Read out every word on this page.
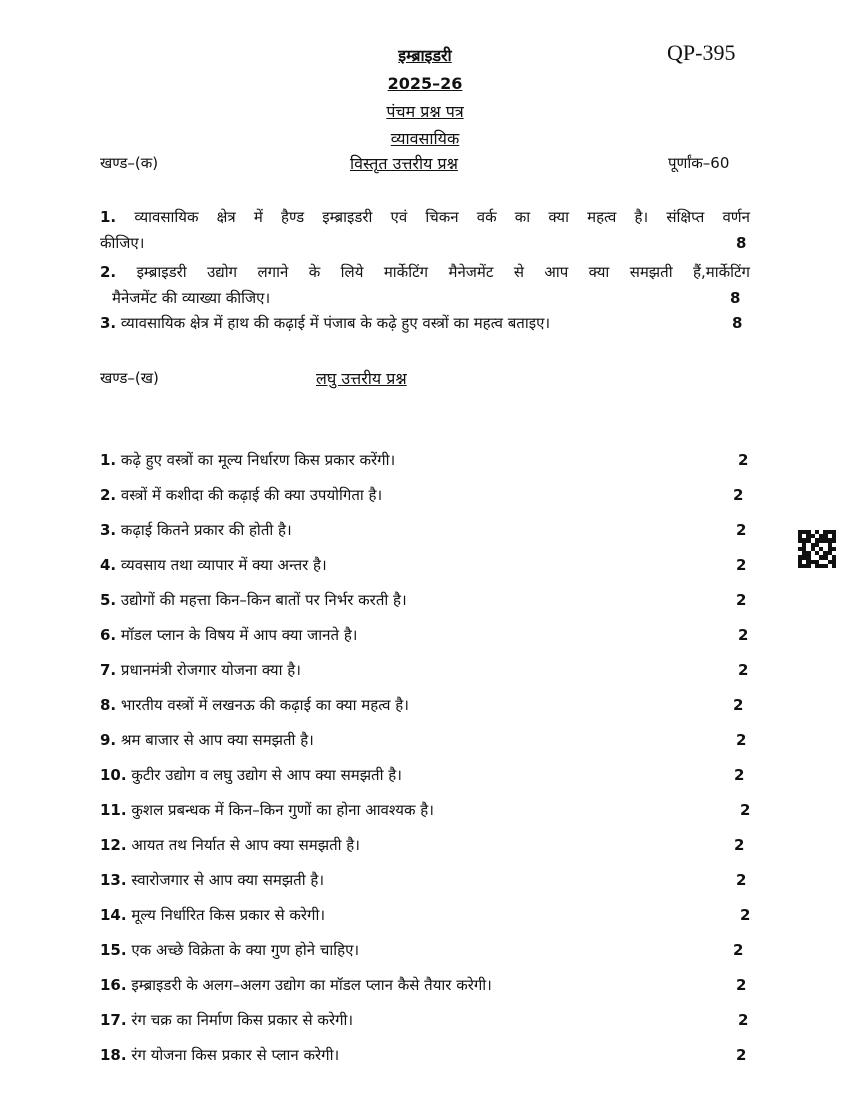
इम्ब्राइडरी	QP-395
2025–26
पंचम प्रश्न पत्र
व्यावसायिक
खण्ड–(क)	विस्तृत उत्तरीय प्रश्न	पूर्णांक–60
1. व्यावसायिक क्षेत्र में हैण्ड इम्ब्राइडरी एवं चिकन वर्क का क्या महत्व है। संक्षिप्त वर्णन
कीजिए।	8
2. इम्ब्राइडरी उद्योग लगाने के लिये मार्केटिंग मैनेजमेंट से आप क्या समझती हैं,मार्केटिंग
मैनेजमेंट की व्याख्या कीजिए।	8
3. व्यावसायिक क्षेत्र में हाथ की कढ़ाई में पंजाब के कढ़े हुए वस्त्रों का महत्व बताइए।	8
खण्ड–(ख)	लघु उत्तरीय प्रश्न
1. कढ़े हुए वस्त्रों का मूल्य निर्धारण किस प्रकार करेंगी।	2
2. वस्त्रों में कशीदा की कढ़ाई की क्या उपयोगिता है।	2
3. कढ़ाई कितने प्रकार की होती है।	2
4. व्यवसाय तथा व्यापार में क्या अन्तर है।	2
5. उद्योगों की महत्ता किन–किन बातों पर निर्भर करती है।	2
6. मॉडल प्लान के विषय में आप क्या जानते है।	2
7. प्रधानमंत्री रोजगार योजना क्या है।	2
8. भारतीय वस्त्रों में लखनऊ की कढ़ाई का क्या महत्व है।	2
9. श्रम बाजार से आप क्या समझती है।	2
10. कुटीर उद्योग व लघु उद्योग से आप क्या समझती है।	2
11. कुशल प्रबन्धक में किन–किन गुणों का होना आवश्यक है।	2
12. आयत तथ निर्यात से आप क्या समझती है।	2
13. स्वारोजगार से आप क्या समझती है।	2
14. मूल्य निर्धारित किस प्रकार से करेगी।	2
15. एक अच्छे विक्रेता के क्या गुण होने चाहिए।	2
16. इम्ब्राइडरी के अलग–अलग उद्योग का मॉडल प्लान कैसे तैयार करेगी।	2
17. रंग चक्र का निर्माण किस प्रकार से करेगी।	2
18. रंग योजना किस प्रकार से प्लान करेगी।	2
